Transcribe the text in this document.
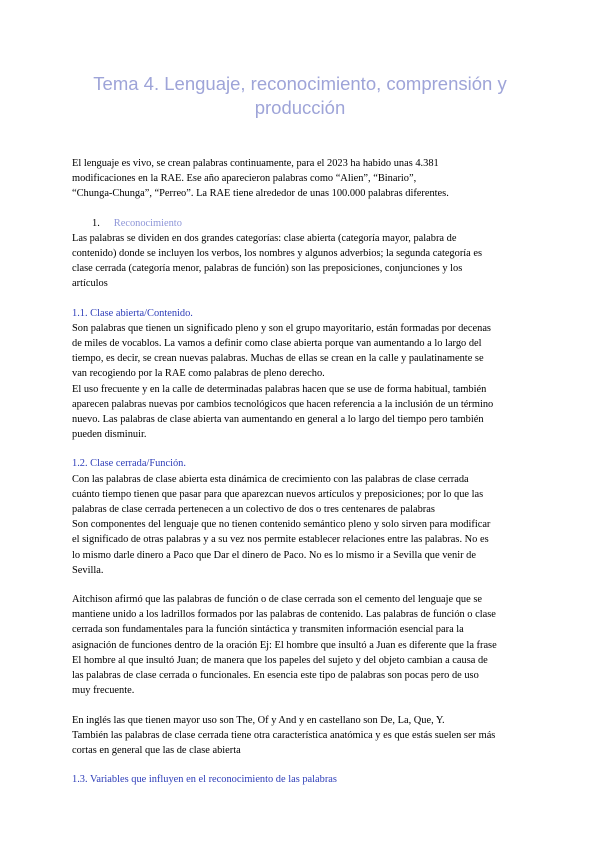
Tema 4. Lenguaje, reconocimiento, comprensión y producción

El lenguaje es vivo, se crean palabras continuamente, para el 2023 ha habido unas 4.381

modificaciones en la RAE. Ese año aparecieron palabras como “Alien”, “Binario”,

“Chunga-Chunga”, “Perreo”. La RAE tiene alrededor de unas 100.000 palabras diferentes.

1. Reconocimiento

Las palabras se dividen en dos grandes categorías: clase abierta (categoría mayor, palabra de

contenido) donde se incluyen los verbos, los nombres y algunos adverbios; la segunda categoría es

clase cerrada (categoría menor, palabras de función) son las preposiciones, conjunciones y los

artículos

1.1. Clase abierta/Contenido.

Son palabras que tienen un significado pleno y son el grupo mayoritario, están formadas por decenas

de miles de vocablos. La vamos a definir como clase abierta porque van aumentando a lo largo del

tiempo, es decir, se crean nuevas palabras. Muchas de ellas se crean en la calle y paulatinamente se

van recogiendo por la RAE como palabras de pleno derecho.

El uso frecuente y en la calle de determinadas palabras hacen que se use de forma habitual, también

aparecen palabras nuevas por cambios tecnológicos que hacen referencia a la inclusión de un término

nuevo. Las palabras de clase abierta van aumentando en general a lo largo del tiempo pero también

pueden disminuir.

1.2. Clase cerrada/Función.

Con las palabras de clase abierta esta dinámica de crecimiento con las palabras de clase cerrada

cuánto tiempo tienen que pasar para que aparezcan nuevos artículos y preposiciones; por lo que las

palabras de clase cerrada pertenecen a un colectivo de dos o tres centenares de palabras

Son componentes del lenguaje que no tienen contenido semántico pleno y solo sirven para modificar

el significado de otras palabras y a su vez nos permite establecer relaciones entre las palabras. No es

lo mismo darle dinero a Paco que Dar el dinero de Paco. No es lo mismo ir a Sevilla que venir de

Sevilla.

Aitchison afirmó que las palabras de función o de clase cerrada son el cemento del lenguaje que se

mantiene unido a los ladrillos formados por las palabras de contenido. Las palabras de función o clase

cerrada son fundamentales para la función sintáctica y transmiten información esencial para la

asignación de funciones dentro de la oración Ej: El hombre que insultó a Juan es diferente que la frase

El hombre al que insultó Juan; de manera que los papeles del sujeto y del objeto cambian a causa de

las palabras de clase cerrada o funcionales. En esencia este tipo de palabras son pocas pero de uso

muy frecuente.

En inglés las que tienen mayor uso son The, Of y And y en castellano son De, La, Que, Y.

También las palabras de clase cerrada tiene otra característica anatómica y es que estás suelen ser más

cortas en general que las de clase abierta

1.3. Variables que influyen en el reconocimiento de las palabras
